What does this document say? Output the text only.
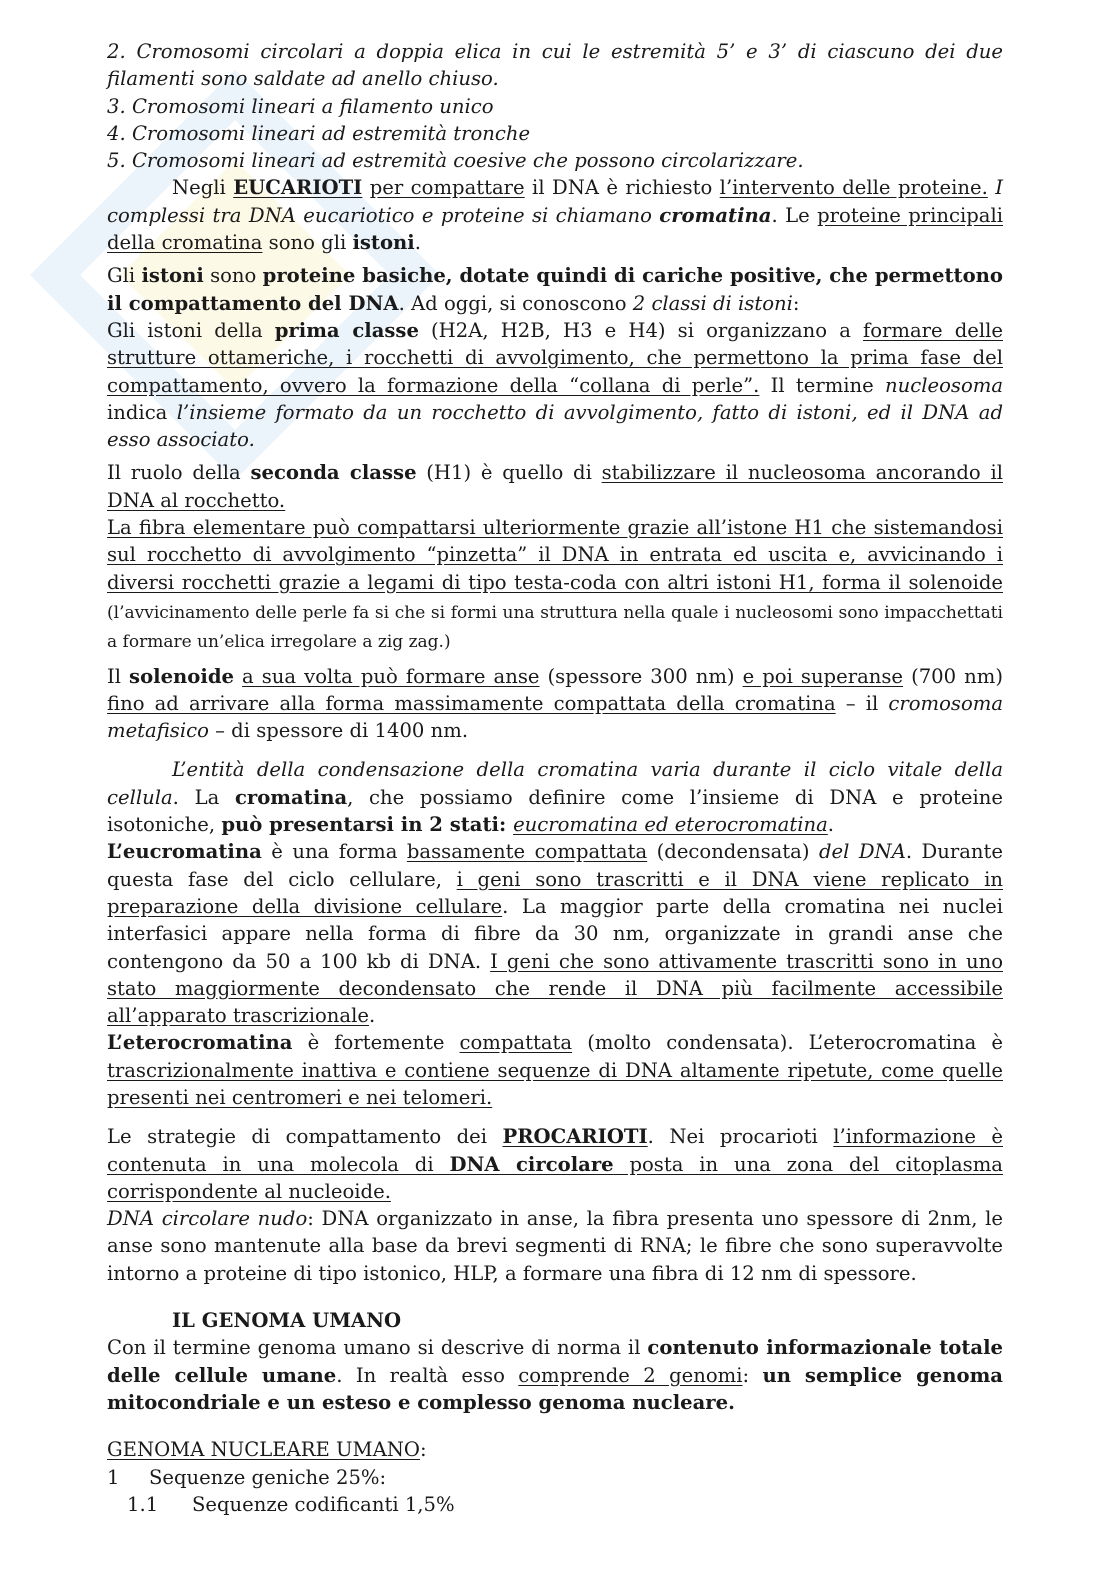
2. Cromosomi circolari a doppia elica in cui le estremità 5’ e 3’ di ciascuno dei due filamenti sono saldate ad anello chiuso.

3. Cromosomi lineari a filamento unico

4. Cromosomi lineari ad estremità tronche

5. Cromosomi lineari ad estremità coesive che possono circolarizzare.

Negli EUCARIOTI per compattare il DNA è richiesto l’intervento delle proteine. I complessi tra DNA eucariotico e proteine si chiamano cromatina. Le proteine principali della cromatina sono gli istoni.

Gli istoni sono proteine basiche, dotate quindi di cariche positive, che permettono il compattamento del DNA. Ad oggi, si conoscono 2 classi di istoni:

Gli istoni della prima classe (H2A, H2B, H3 e H4) si organizzano a formare delle strutture ottameriche, i rocchetti di avvolgimento, che permettono la prima fase del compattamento, ovvero la formazione della “collana di perle”. Il termine nucleosoma indica l’insieme formato da un rocchetto di avvolgimento, fatto di istoni, ed il DNA ad esso associato.

Il ruolo della seconda classe (H1) è quello di stabilizzare il nucleosoma ancorando il DNA al rocchetto.

La fibra elementare può compattarsi ulteriormente grazie all’istone H1 che sistemandosi sul rocchetto di avvolgimento “pinzetta” il DNA in entrata ed uscita e, avvicinando i diversi rocchetti grazie a legami di tipo testa-coda con altri istoni H1, forma il solenoide (l’avvicinamento delle perle fa si che si formi una struttura nella quale i nucleosomi sono impacchettati a formare un’elica irregolare a zig zag.)

Il solenoide a sua volta può formare anse (spessore 300 nm) e poi superanse (700 nm) fino ad arrivare alla forma massimamente compattata della cromatina – il cromosoma metafisico – di spessore di 1400 nm.

L’entità della condensazione della cromatina varia durante il ciclo vitale della cellula. La cromatina, che possiamo definire come l’insieme di DNA e proteine isotoniche, può presentarsi in 2 stati: eucromatina ed eterocromatina.

L’eucromatina è una forma bassamente compattata (decondensata) del DNA. Durante questa fase del ciclo cellulare, i geni sono trascritti e il DNA viene replicato in preparazione della divisione cellulare. La maggior parte della cromatina nei nuclei interfasici appare nella forma di fibre da 30 nm, organizzate in grandi anse che contengono da 50 a 100 kb di DNA. I geni che sono attivamente trascritti sono in uno stato maggiormente decondensato che rende il DNA più facilmente accessibile all’apparato trascrizionale.

L’eterocromatina è fortemente compattata (molto condensata). L’eterocromatina è trascrizionalmente inattiva e contiene sequenze di DNA altamente ripetute, come quelle presenti nei centromeri e nei telomeri.

Le strategie di compattamento dei PROCARIOTI. Nei procarioti l’informazione è contenuta in una molecola di DNA circolare posta in una zona del citoplasma corrispondente al nucleoide.

DNA circolare nudo: DNA organizzato in anse, la fibra presenta uno spessore di 2nm, le anse sono mantenute alla base da brevi segmenti di RNA; le fibre che sono superavvolte intorno a proteine di tipo istonico, HLP, a formare una fibra di 12 nm di spessore.

IL GENOMA UMANO

Con il termine genoma umano si descrive di norma il contenuto informazionale totale delle cellule umane. In realtà esso comprende 2 genomi: un semplice genoma mitocondriale e un esteso e complesso genoma nucleare.

GENOMA NUCLEARE UMANO:

1	Sequenze geniche 25%:
1.1	Sequenze codificanti 1,5%
